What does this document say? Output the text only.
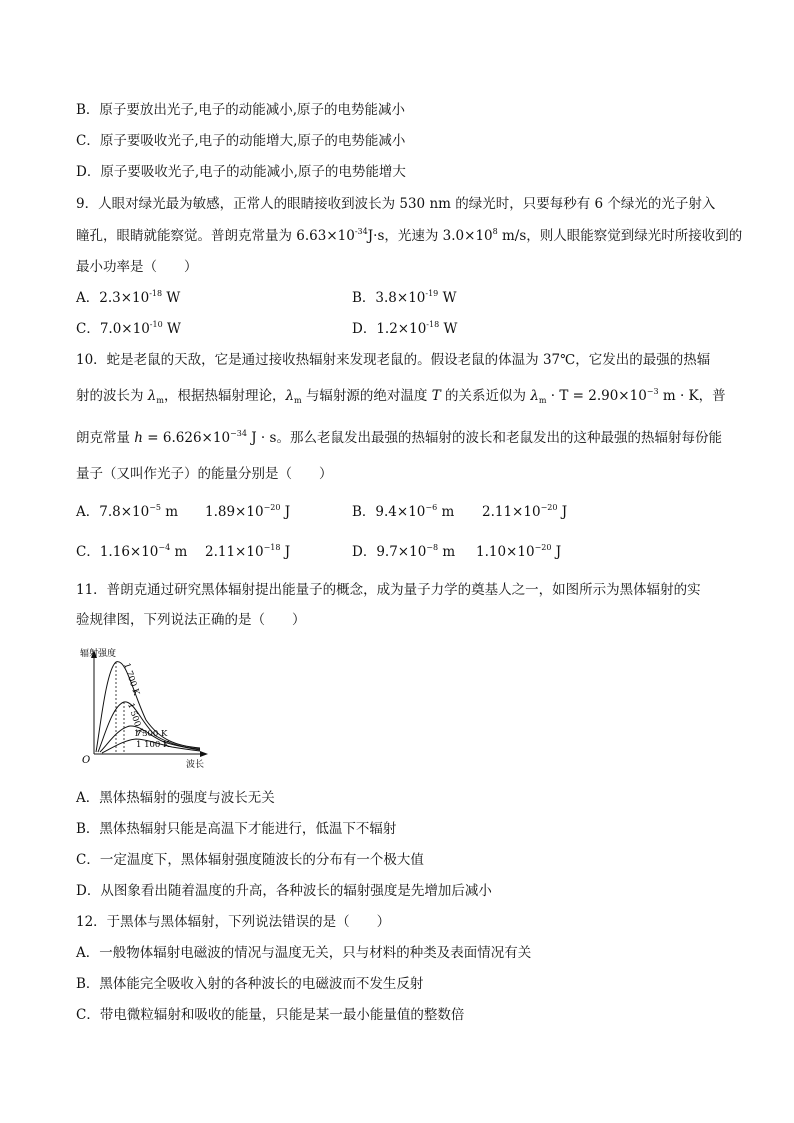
B．原子要放出光子,电子的动能减小,原子的电势能减小
C．原子要吸收光子,电子的动能增大,原子的电势能减小
D．原子要吸收光子,电子的动能减小,原子的电势能增大
9．人眼对绿光最为敏感，正常人的眼睛接收到波长为 530 nm 的绿光时，只要每秒有 6 个绿光的光子射入
瞳孔，眼睛就能察觉。普朗克常量为 $6.63\times 10^{-34}J\cdot s$，光速为 $3.0\times 10^8$ m/s，则人眼能察觉到绿光时所接收到的
最小功率是（　　）
A．$2.3\times 10^{-18}$ W	B．$3.8\times 10^{-19}$ W
C．$7.0\times 10^{-10}$ W	D．$1.2\times 10^{-18}$ W
10．蛇是老鼠的天敌，它是通过接收热辐射来发现老鼠的。假设老鼠的体温为 37℃，它发出的最强的热辐
射的波长为 $\lambda_m$，根据热辐射理论，$\lambda_m$ 与辐射源的绝对温度 T 的关系近似为 $\lambda_m \cdot T = 2.90\times 10^{-3}$ m · K，普
朗克常量 $h = 6.626\times 10^{-34}$ J · s。那么老鼠发出最强的热辐射的波长和老鼠发出的这种最强的热辐射每份能
量子（又叫作光子）的能量分别是（　　）
A．$7.8\times 10^{-5}$ m $1.89\times 10^{-20}$ J	B．$9.4\times 10^{-6}$ m $2.11\times 10^{-20}$ J
C．$1.16\times 10^{-4}$ m $2.11\times 10^{-18}$ J	D．$9.7\times 10^{-8}$ m $1.10\times 10^{-20}$ J
11．普朗克通过研究黑体辐射提出能量子的概念，成为量子力学的奠基人之一，如图所示为黑体辐射的实
验规律图，下列说法正确的是（　　）
辐射强度
波长
O
1 700 K
1 500 K
1 300 K
1 100 K
A．黑体热辐射的强度与波长无关
B．黑体热辐射只能是高温下才能进行，低温下不辐射
C．一定温度下，黑体辐射强度随波长的分布有一个极大值
D．从图象看出随着温度的升高，各种波长的辐射强度是先增加后减小
12．于黑体与黑体辐射，下列说法错误的是（　　）
A．一般物体辐射电磁波的情况与温度无关，只与材料的种类及表面情况有关
B．黑体能完全吸收入射的各种波长的电磁波而不发生反射
C．带电微粒辐射和吸收的能量，只能是某一最小能量值的整数倍
